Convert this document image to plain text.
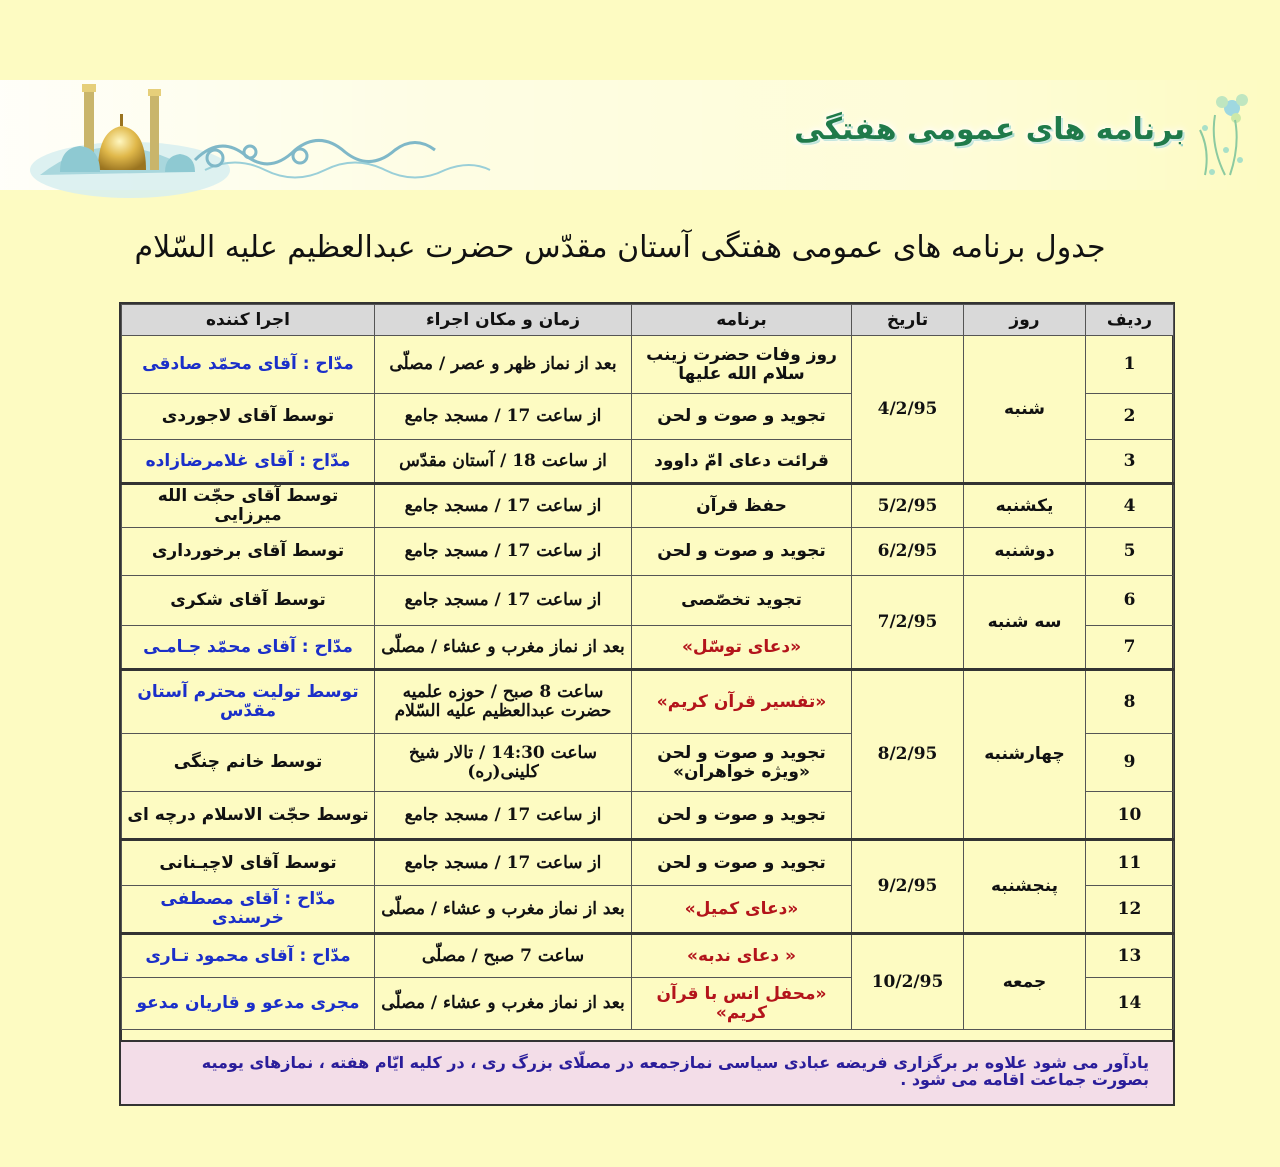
برنامه های عمومی هفتگی
جدول برنامه های عمومی هفتگی آستان مقدّس حضرت عبدالعظیم علیه السّلام
ردیف	روز	تاریخ	برنامه	زمان و مکان اجراء	اجرا کننده
1	شنبه	4/2/95	روز وفات حضرت زینب سلام الله علیها	بعد از نماز ظهر و عصر / مصلّی	مدّاح : آقای محمّد صادقی
2			تجوید و صوت و لحن	از ساعت 17 / مسجد جامع	توسط آقای لاجوردی
3			قرائت دعای امّ داوود	از ساعت 18 / آستان مقدّس	مدّاح : آقای غلامرضازاده
4	یکشنبه	5/2/95	حفظ قرآن	از ساعت 17 / مسجد جامع	توسط آقای حجّت الله میرزایی
5	دوشنبه	6/2/95	تجوید و صوت و لحن	از ساعت 17 / مسجد جامع	توسط آقای برخورداری
6	سه شنبه	7/2/95	تجوید تخصّصی	از ساعت 17 / مسجد جامع	توسط آقای شکری
7			«دعای توسّل»	بعد از نماز مغرب و عشاء / مصلّی	مدّاح : آقای محمّد جـامـی
8	چهارشنبه	8/2/95	«تفسیر قرآن کریم»	ساعت 8 صبح / حوزه علمیه حضرت عبدالعظیم علیه السّلام	توسط تولیت محترم آستان مقدّس
9			تجوید و صوت و لحن «ویژه خواهران»	ساعت 14:30 / تالار شیخ کلینی(ره)	توسط خانم چنگی
10			تجوید و صوت و لحن	از ساعت 17 / مسجد جامع	توسط حجّت الاسلام درچه ای
11	پنجشنبه	9/2/95	تجوید و صوت و لحن	از ساعت 17 / مسجد جامع	توسط آقای لاچیـنانی
12			«دعای کمیل»	بعد از نماز مغرب و عشاء / مصلّی	مدّاح : آقای مصطفی خرسندی
13	جمعه	10/2/95	« دعای ندبه»	ساعت 7 صبح / مصلّی	مدّاح : آقای محمود تـاری
14			«محفل انس با قرآن کریم»	بعد از نماز مغرب و عشاء / مصلّی	مجری مدعو و قاریان مدعو
یادآور می شود علاوه بر برگزاری فریضه عبادی سیاسی نمازجمعه در مصلّای بزرگ ری ، در کلیه ایّام هفته ، نمازهای یومیه بصورت جماعت اقامه می شود .
